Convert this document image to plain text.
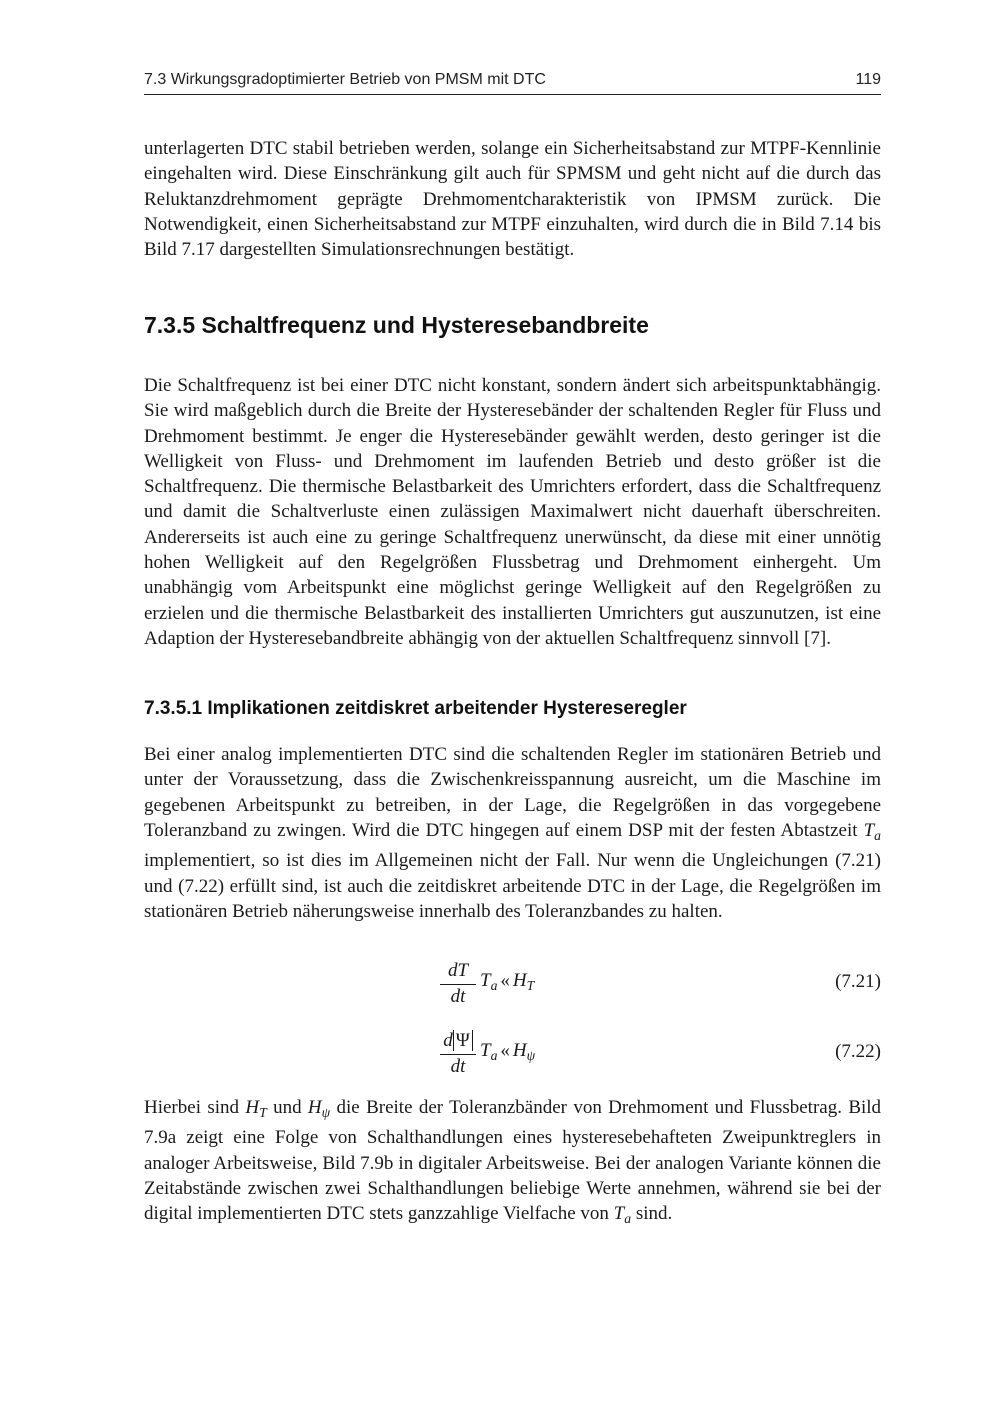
7.3 Wirkungsgradoptimierter Betrieb von PMSM mit DTC	119

unterlagerten DTC stabil betrieben werden, solange ein Sicherheitsabstand zur MTPF-Kennlinie eingehalten wird. Diese Einschränkung gilt auch für SPMSM und geht nicht auf die durch das Reluktanzdrehmoment geprägte Drehmomentcharakteristik von IPMSM zurück. Die Notwendigkeit, einen Sicherheitsabstand zur MTPF einzuhalten, wird durch die in Bild 7.14 bis Bild 7.17 dargestellten Simulationsrechnungen bestätigt.

7.3.5 Schaltfrequenz und Hysteresebandbreite

Die Schaltfrequenz ist bei einer DTC nicht konstant, sondern ändert sich arbeitspunktabhängig. Sie wird maßgeblich durch die Breite der Hysteresebänder der schaltenden Regler für Fluss und Drehmoment bestimmt. Je enger die Hysteresebänder gewählt werden, desto geringer ist die Welligkeit von Fluss- und Drehmoment im laufenden Betrieb und desto größer ist die Schaltfrequenz. Die thermische Belastbarkeit des Umrichters erfordert, dass die Schaltfrequenz und damit die Schaltverluste einen zulässigen Maximalwert nicht dauerhaft überschreiten. Andererseits ist auch eine zu geringe Schaltfrequenz unerwünscht, da diese mit einer unnötig hohen Welligkeit auf den Regelgrößen Flussbetrag und Drehmoment einhergeht. Um unabhängig vom Arbeitspunkt eine möglichst geringe Welligkeit auf den Regelgrößen zu erzielen und die thermische Belastbarkeit des installierten Umrichters gut auszunutzen, ist eine Adaption der Hysteresebandbreite abhängig von der aktuellen Schaltfrequenz sinnvoll [7].

7.3.5.1 Implikationen zeitdiskret arbeitender Hystereseregler

Bei einer analog implementierten DTC sind die schaltenden Regler im stationären Betrieb und unter der Voraussetzung, dass die Zwischenkreisspannung ausreicht, um die Maschine im gegebenen Arbeitspunkt zu betreiben, in der Lage, die Regelgrößen in das vorgegebene Toleranzband zu zwingen. Wird die DTC hingegen auf einem DSP mit der festen Abtastzeit $T_a$ implementiert, so ist dies im Allgemeinen nicht der Fall. Nur wenn die Ungleichungen (7.21) und (7.22) erfüllt sind, ist auch die zeitdiskret arbeitende DTC in der Lage, die Regelgrößen im stationären Betrieb näherungsweise innerhalb des Toleranzbandes zu halten.

dT
dt
$T_a$ « $H_T$	(7.21)
d Ψ
dt
$T_a$ « $H_\psi$	(7.22)

Hierbei sind $H_T$ und $H_\psi$ die Breite der Toleranzbänder von Drehmoment und Flussbetrag. Bild 7.9a zeigt eine Folge von Schalthandlungen eines hysteresebehafteten Zweipunktreglers in analoger Arbeitsweise, Bild 7.9b in digitaler Arbeitsweise. Bei der analogen Variante können die Zeitabstände zwischen zwei Schalthandlungen beliebige Werte annehmen, während sie bei der digital implementierten DTC stets ganzzahlige Vielfache von $T_a$ sind.
